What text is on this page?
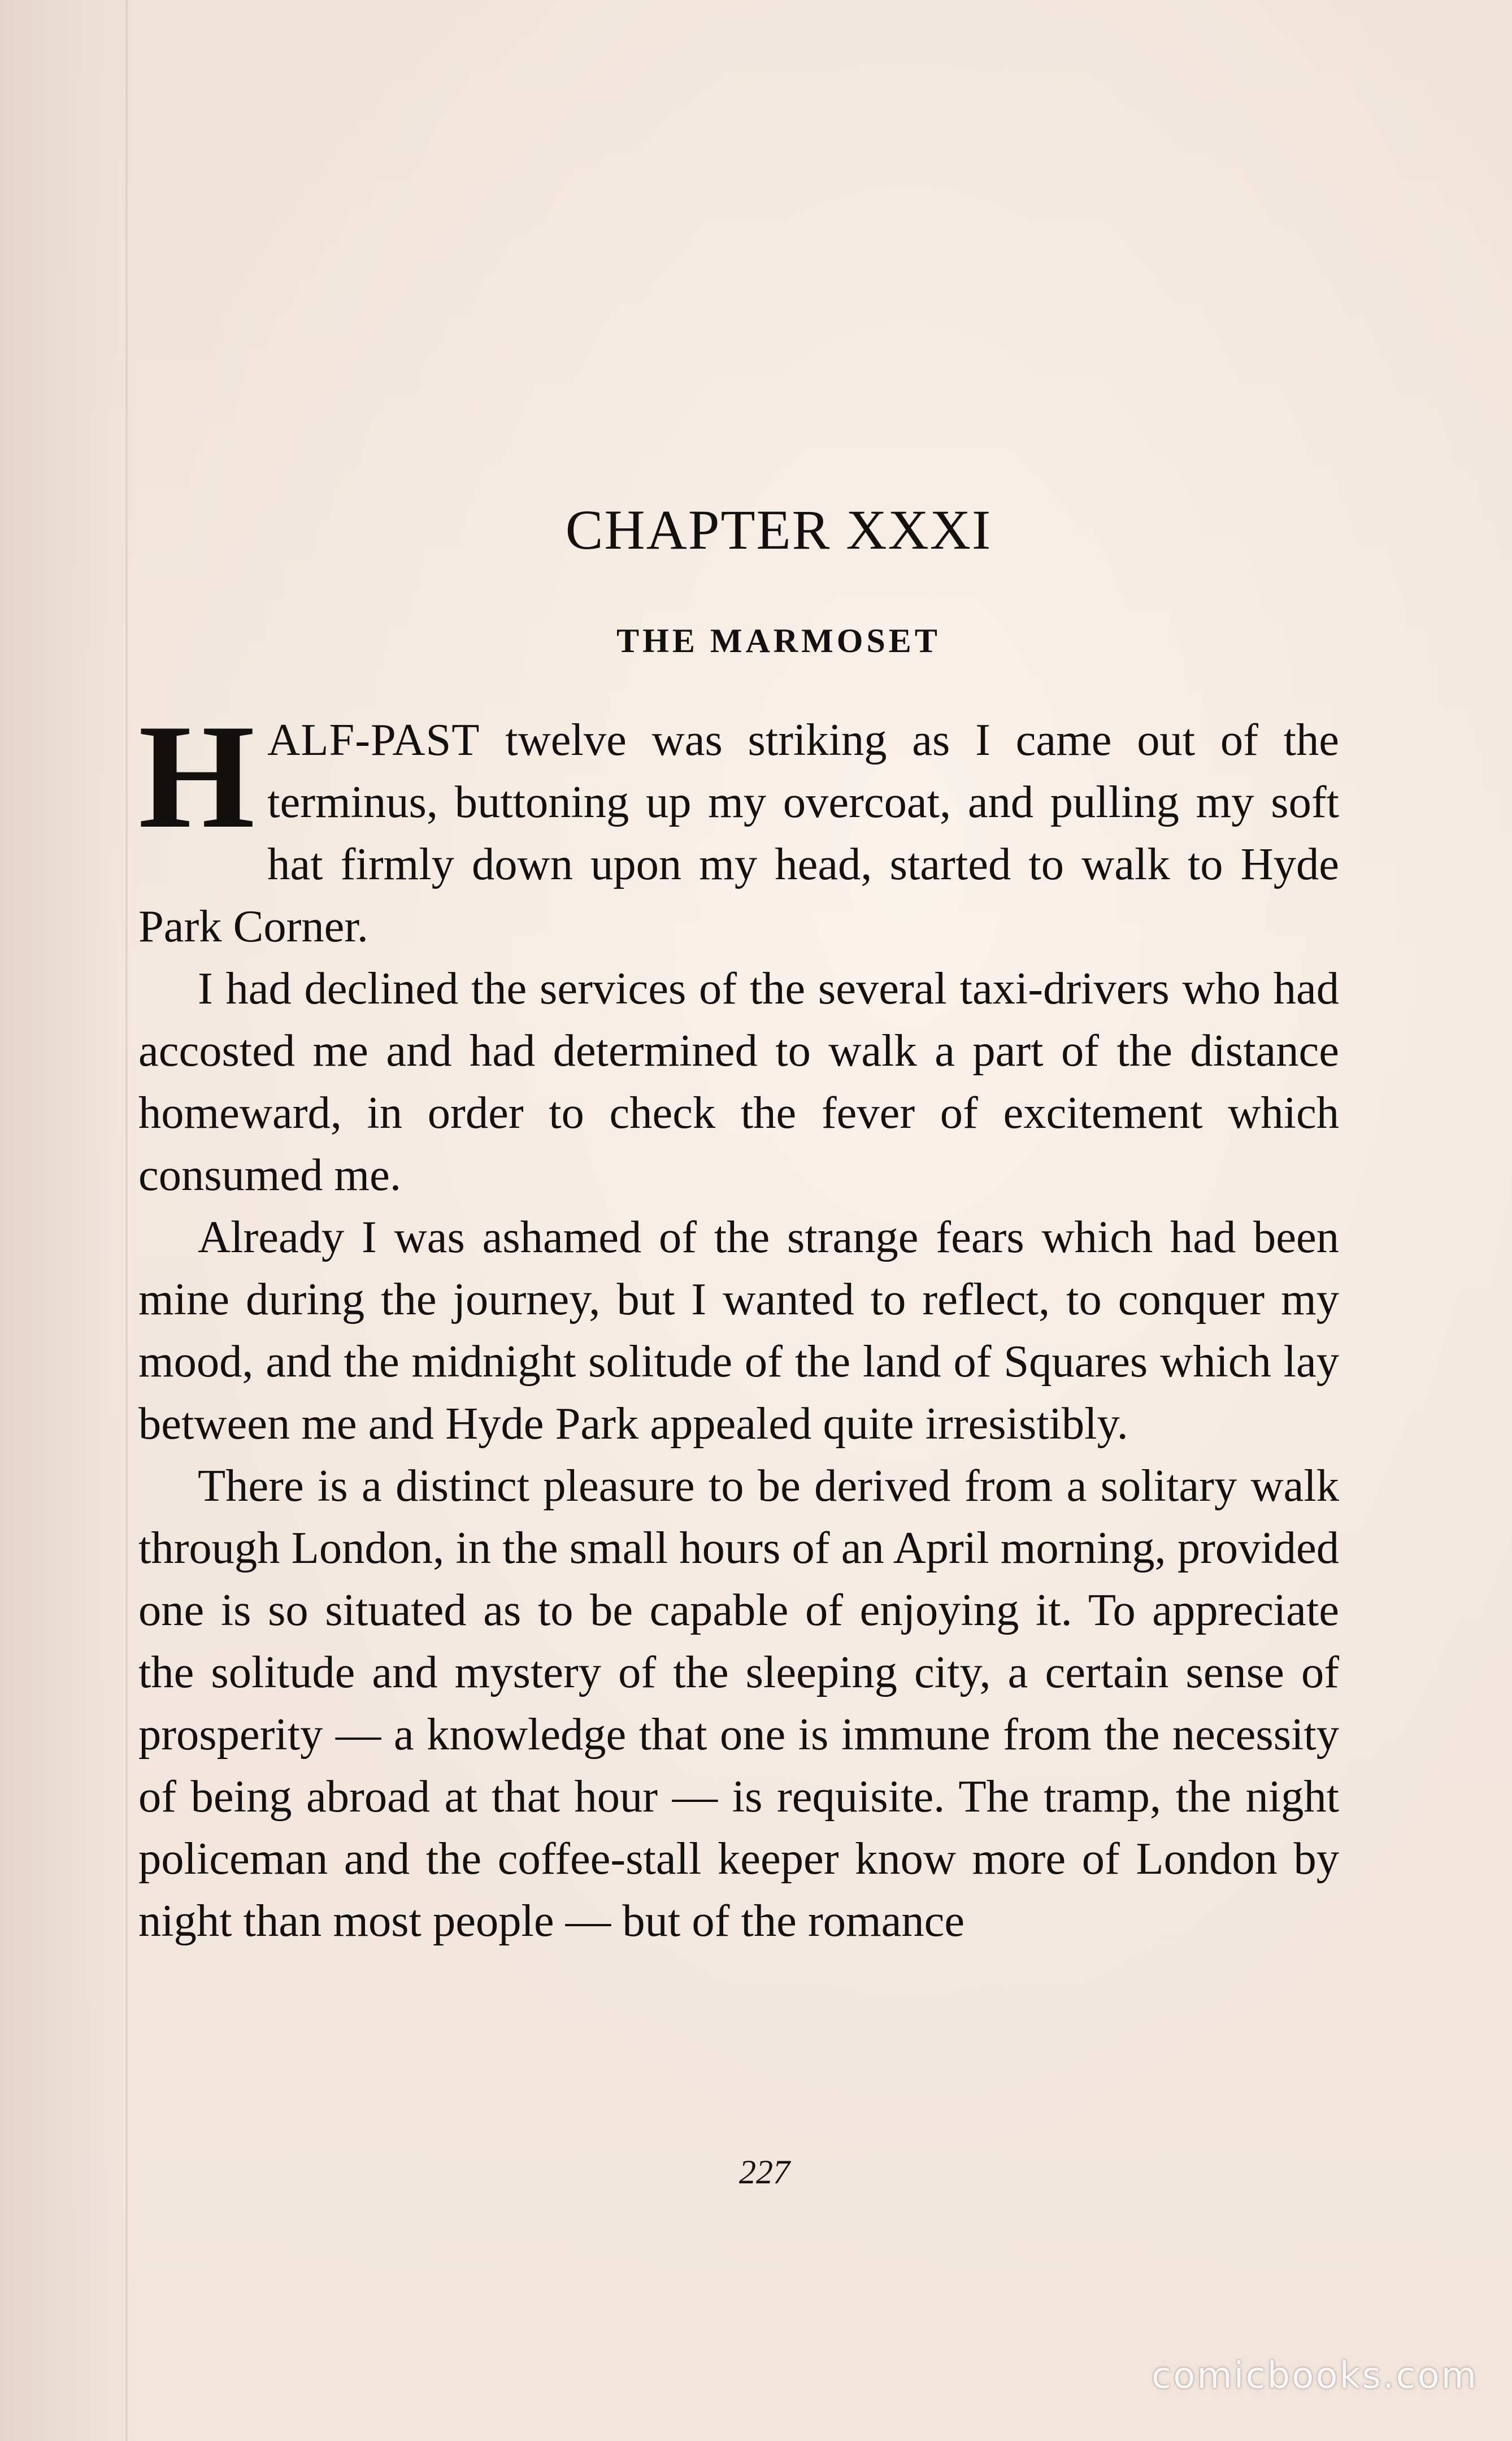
CHAPTER XXXI
THE MARMOSET

HALF-PAST twelve was striking as I came out of the terminus, buttoning up my overcoat, and pulling my soft hat firmly down upon my head, started to walk to Hyde Park Corner.

I had declined the services of the several taxi-drivers who had accosted me and had determined to walk a part of the distance homeward, in order to check the fever of excitement which consumed me.

Already I was ashamed of the strange fears which had been mine during the journey, but I wanted to reflect, to conquer my mood, and the midnight solitude of the land of Squares which lay between me and Hyde Park appealed quite irresistibly.

There is a distinct pleasure to be derived from a solitary walk through London, in the small hours of an April morning, provided one is so situated as to be capable of enjoying it. To appreciate the solitude and mystery of the sleeping city, a certain sense of prosperity — a knowledge that one is immune from the necessity of being abroad at that hour — is requisite. The tramp, the night policeman and the coffee-stall keeper know more of London by night than most people — but of the romance

227
comicbooks.com
